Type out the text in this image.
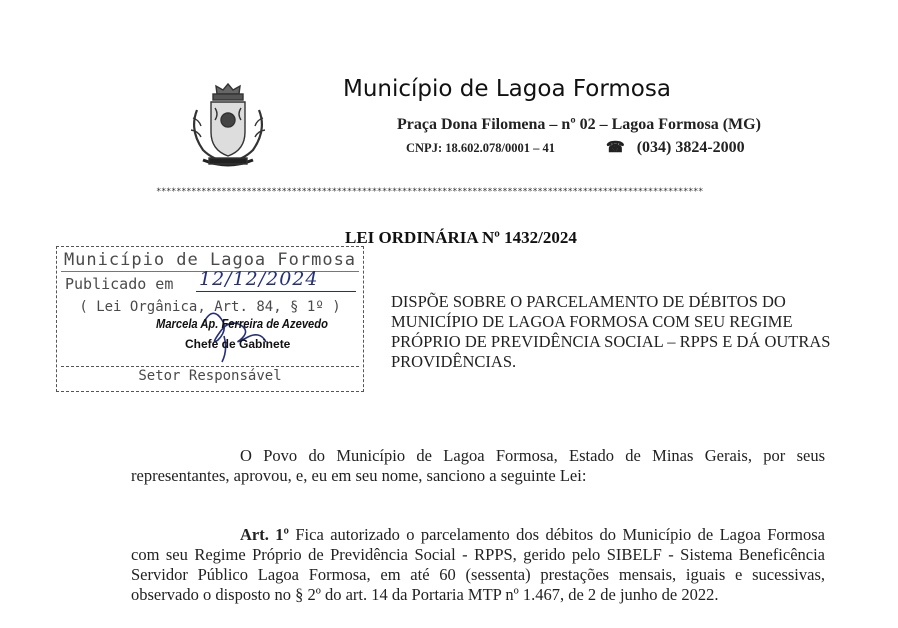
Município de Lagoa Formosa
Praça Dona Filomena – nº 02 – Lagoa Formosa (MG)
CNPJ: 18.602.078/0001 – 41	☎ (034) 3824-2000
*************************************************************************************************************
LEI ORDINÁRIA Nº 1432/2024
Município de Lagoa Formosa
Publicado em
( Lei Orgânica, Art. 84, § 1º )
Setor Responsável
12/12/2024
Marcela Ap. Ferreira de Azevedo
Chefe de Gabinete
DISPÕE SOBRE O PARCELAMENTO DE DÉBITOS DO MUNICÍPIO DE LAGOA FORMOSA COM SEU REGIME PRÓPRIO DE PREVIDÊNCIA SOCIAL – RPPS E DÁ OUTRAS PROVIDÊNCIAS.
O Povo do Município de Lagoa Formosa, Estado de Minas Gerais, por seus representantes, aprovou, e, eu em seu nome, sanciono a seguinte Lei:
Art. 1º Fica autorizado o parcelamento dos débitos do Município de Lagoa Formosa com seu Regime Próprio de Previdência Social - RPPS, gerido pelo SIBELF - Sistema Beneficência Servidor Público Lagoa Formosa, em até 60 (sessenta) prestações mensais, iguais e sucessivas, observado o disposto no § 2º do art. 14 da Portaria MTP nº 1.467, de 2 de junho de 2022.
